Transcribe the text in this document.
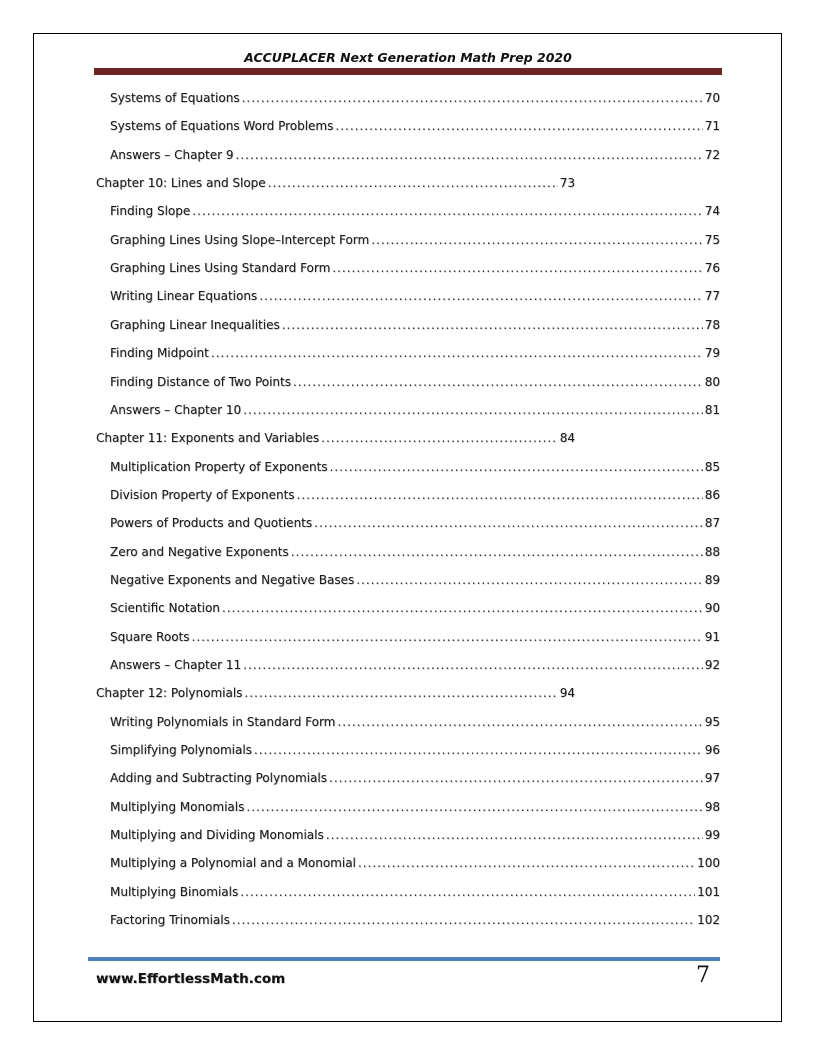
ACCUPLACER Next Generation Math Prep 2020
Systems of Equations .....	70
Systems of Equations Word Problems .....	71
Answers – Chapter 9 .....	72
Chapter 10: Lines and Slope .....	73
Finding Slope .....	74
Graphing Lines Using Slope–Intercept Form .....	75
Graphing Lines Using Standard Form .....	76
Writing Linear Equations .....	77
Graphing Linear Inequalities .....	78
Finding Midpoint .....	79
Finding Distance of Two Points .....	80
Answers – Chapter 10 .....	81
Chapter 11: Exponents and Variables .....	84
Multiplication Property of Exponents .....	85
Division Property of Exponents .....	86
Powers of Products and Quotients .....	87
Zero and Negative Exponents .....	88
Negative Exponents and Negative Bases .....	89
Scientific Notation .....	90
Square Roots .....	91
Answers – Chapter 11 .....	92
Chapter 12: Polynomials .....	94
Writing Polynomials in Standard Form .....	95
Simplifying Polynomials .....	96
Adding and Subtracting Polynomials .....	97
Multiplying Monomials .....	98
Multiplying and Dividing Monomials .....	99
Multiplying a Polynomial and a Monomial .....	100
Multiplying Binomials .....	101
Factoring Trinomials .....	102
www.EffortlessMath.com	7
